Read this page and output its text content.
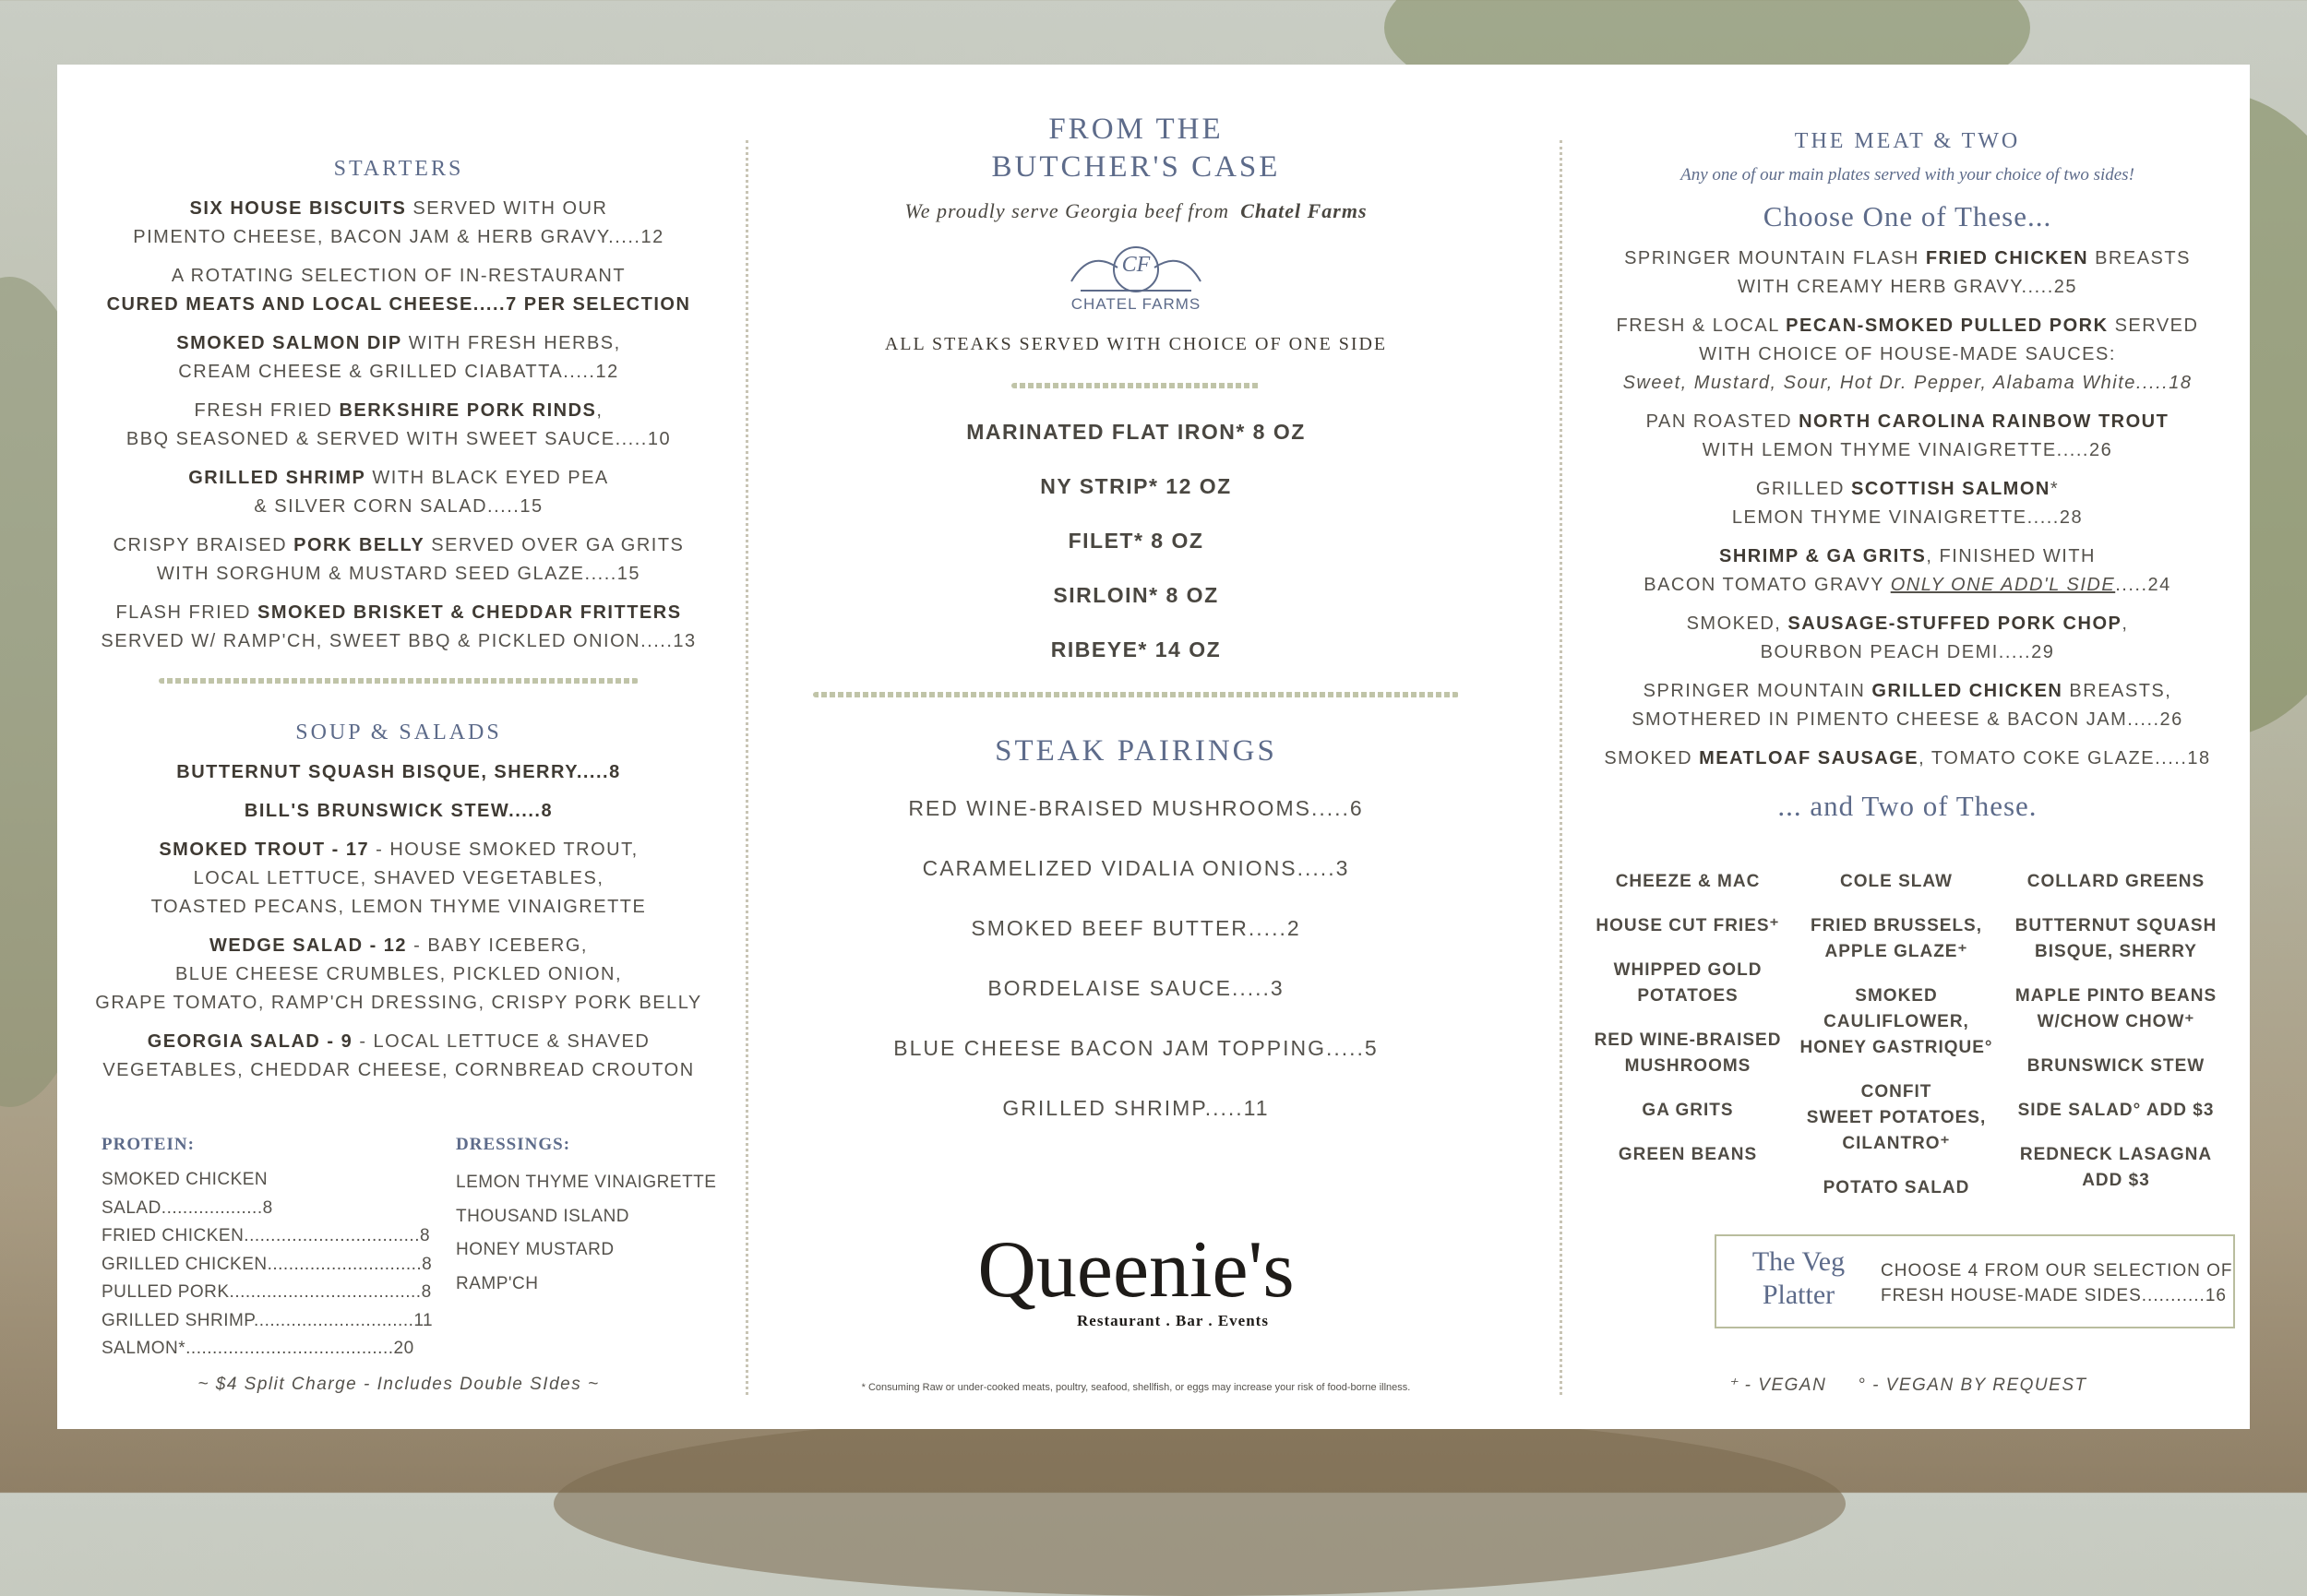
STARTERS
SIX HOUSE BISCUITS SERVED WITH OUR
PIMENTO CHEESE, BACON JAM & HERB GRAVY.....12
A ROTATING SELECTION OF IN-RESTAURANT
CURED MEATS AND LOCAL CHEESE.....7 PER SELECTION
SMOKED SALMON DIP WITH FRESH HERBS,
CREAM CHEESE & GRILLED CIABATTA.....12
FRESH FRIED BERKSHIRE PORK RINDS,
BBQ SEASONED & SERVED WITH SWEET SAUCE.....10
GRILLED SHRIMP WITH BLACK EYED PEA
& SILVER CORN SALAD.....15
CRISPY BRAISED PORK BELLY SERVED OVER GA GRITS
WITH SORGHUM & MUSTARD SEED GLAZE.....15
FLASH FRIED SMOKED BRISKET & CHEDDAR FRITTERS
SERVED W/ RAMP'CH, SWEET BBQ & PICKLED ONION.....13
SOUP & SALADS
BUTTERNUT SQUASH BISQUE, SHERRY.....8
BILL'S BRUNSWICK STEW.....8
SMOKED TROUT - 17 - HOUSE SMOKED TROUT,
LOCAL LETTUCE, SHAVED VEGETABLES,
TOASTED PECANS, LEMON THYME VINAIGRETTE
WEDGE SALAD - 12 - BABY ICEBERG,
BLUE CHEESE CRUMBLES, PICKLED ONION,
GRAPE TOMATO, RAMP'CH DRESSING, CRISPY PORK BELLY
GEORGIA SALAD - 9 - LOCAL LETTUCE & SHAVED
VEGETABLES, CHEDDAR CHEESE, CORNBREAD CROUTON
PROTEIN:
SMOKED CHICKEN SALAD...................8
FRIED CHICKEN.................................8
GRILLED CHICKEN.............................8
PULLED PORK....................................8
GRILLED SHRIMP..............................11
SALMON*.......................................20
DRESSINGS:
LEMON THYME VINAIGRETTE
THOUSAND ISLAND
HONEY MUSTARD
RAMP'CH
~ $4 Split Charge - Includes Double SIdes ~
FROM THE
BUTCHER'S CASE
We proudly serve Georgia beef from Chatel Farms
CF
CHATEL FARMS
ALL STEAKS SERVED WITH CHOICE OF ONE SIDE
MARINATED FLAT IRON* 8 OZ
NY STRIP* 12 OZ
FILET* 8 OZ
SIRLOIN* 8 OZ
RIBEYE* 14 OZ
STEAK PAIRINGS
RED WINE-BRAISED MUSHROOMS.....6
CARAMELIZED VIDALIA ONIONS.....3
SMOKED BEEF BUTTER.....2
BORDELAISE SAUCE.....3
BLUE CHEESE BACON JAM TOPPING.....5
GRILLED SHRIMP.....11
Queenie's
Restaurant . Bar . Events
* Consuming Raw or under-cooked meats, poultry, seafood, shellfish, or eggs may increase your risk of food-borne illness.
THE MEAT & TWO
Any one of our main plates served with your choice of two sides!
Choose One of These...
SPRINGER MOUNTAIN FLASH FRIED CHICKEN BREASTS
WITH CREAMY HERB GRAVY.....25
FRESH & LOCAL PECAN-SMOKED PULLED PORK SERVED
WITH CHOICE OF HOUSE-MADE SAUCES:
Sweet, Mustard, Sour, Hot Dr. Pepper, Alabama White.....18
PAN ROASTED NORTH CAROLINA RAINBOW TROUT
WITH LEMON THYME VINAIGRETTE.....26
GRILLED SCOTTISH SALMON*
LEMON THYME VINAIGRETTE.....28
SHRIMP & GA GRITS, FINISHED WITH
BACON TOMATO GRAVY ONLY ONE ADD'L SIDE.....24
SMOKED, SAUSAGE-STUFFED PORK CHOP,
BOURBON PEACH DEMI.....29
SPRINGER MOUNTAIN GRILLED CHICKEN BREASTS,
SMOTHERED IN PIMENTO CHEESE & BACON JAM.....26
SMOKED MEATLOAF SAUSAGE, TOMATO COKE GLAZE.....18
... and Two of These.
CHEEZE & MAC
HOUSE CUT FRIES⁺
WHIPPED GOLD
POTATOES
RED WINE-BRAISED
MUSHROOMS
GA GRITS
GREEN BEANS
COLE SLAW
FRIED BRUSSELS,
APPLE GLAZE⁺
SMOKED
CAULIFLOWER,
HONEY GASTRIQUE°
CONFIT
SWEET POTATOES,
CILANTRO⁺
POTATO SALAD
COLLARD GREENS
BUTTERNUT SQUASH
BISQUE, SHERRY
MAPLE PINTO BEANS
W/CHOW CHOW⁺
BRUNSWICK STEW
SIDE SALAD° ADD $3
REDNECK LASAGNA
ADD $3
The Veg
Platter
CHOOSE 4 FROM OUR SELECTION OF
FRESH HOUSE-MADE SIDES...........16
⁺ - VEGAN     ° - VEGAN BY REQUEST
